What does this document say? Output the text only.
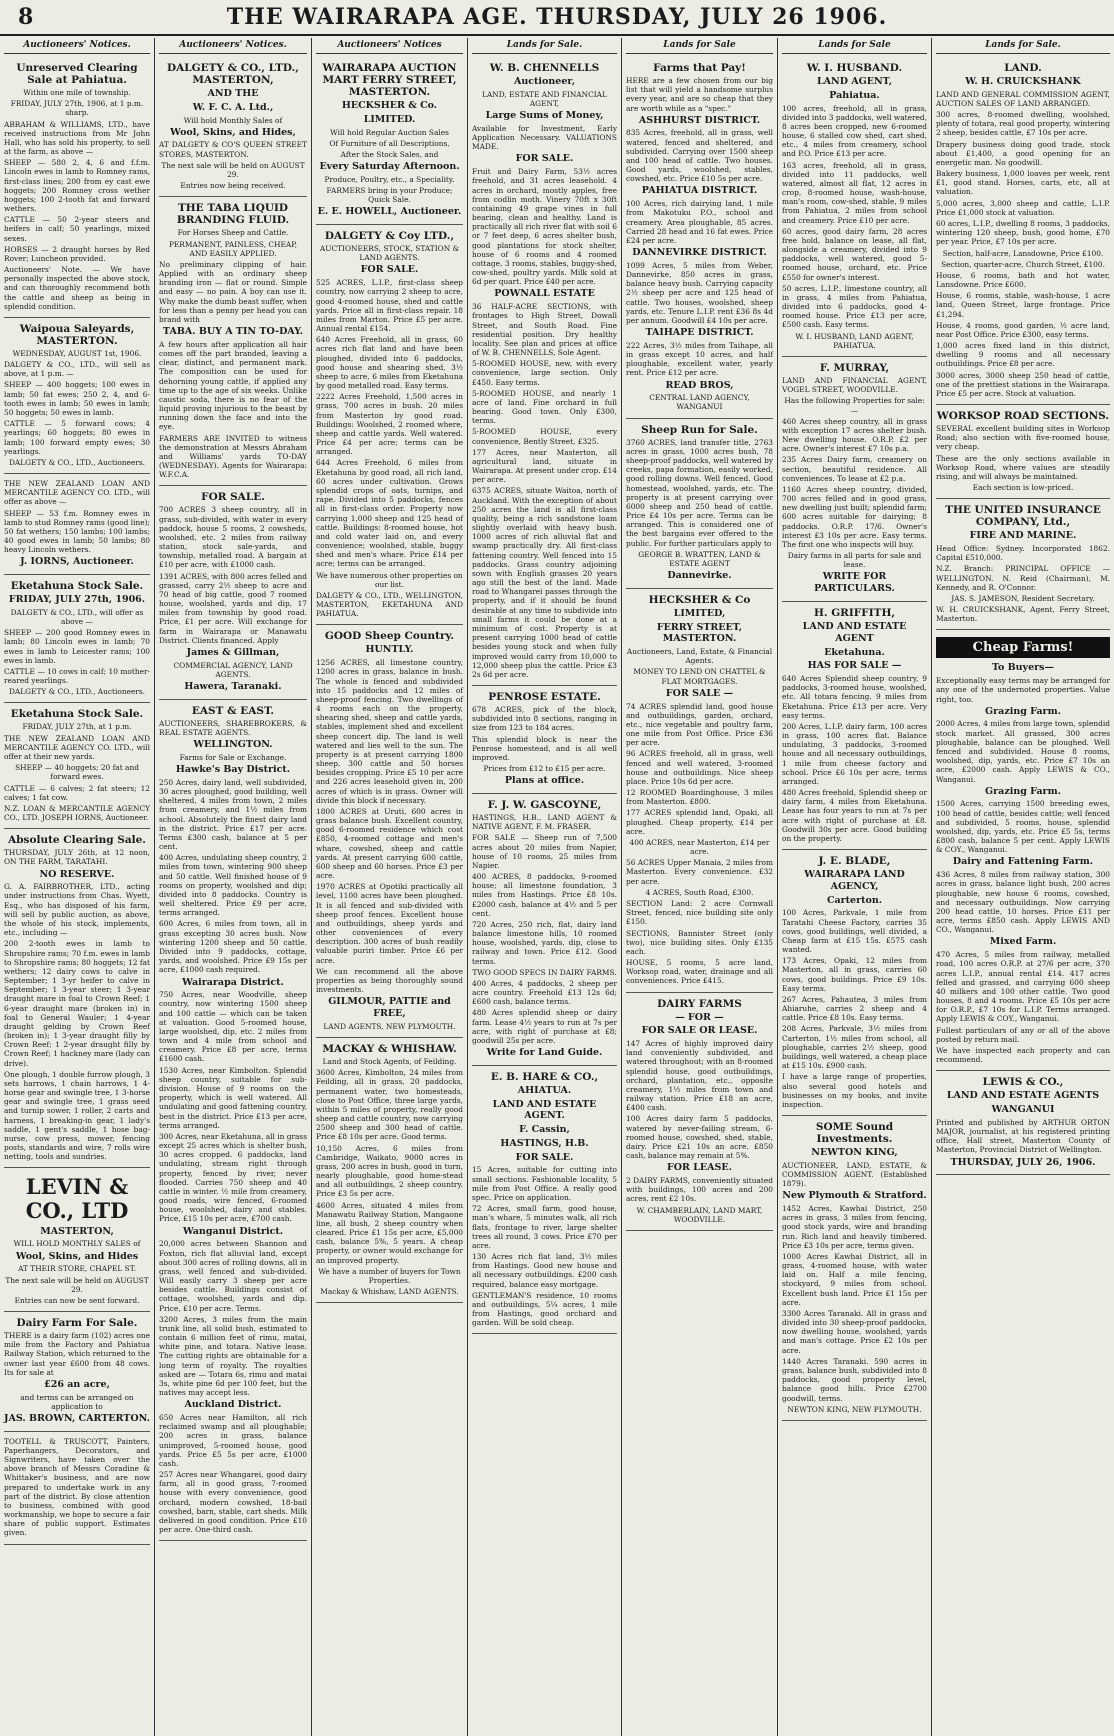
8	THE WAIRARAPA AGE. THURSDAY, JULY 26 1906.
Auctioneers' Notices.
Unreserved Clearing Sale at Pahiatua.

Within one mile of township.

FRIDAY, JULY 27th, 1906, at 1 p.m. sharp.

ABRAHAM & WILLIAMS, LTD., have received instructions from Mr John Hall, who has sold his property, to sell at the farm, as above —

SHEEP — 580 2, 4, 6 and f.f.m. Lincoln ewes in lamb to Romney rams, first-class lines; 200 from ey cast ewe hoggets; 200 Romney cross wether hoggets; 100 2-tooth fat and forward wethers.

CATTLE — 50 2-year steers and heifers in calf; 50 yearlings, mixed sexes.

HORSES — 2 draught horses by Red Rover; Luncheon provided.

Auctioneers' Note. — We have personally inspected the above stock, and can thoroughly recommend both the cattle and sheep as being in splendid condition.

Waipoua Saleyards, MASTERTON.

WEDNESDAY, AUGUST 1st, 1906.

DALGETY & CO., LTD., will sell as above, at 1 p.m. —

SHEEP — 400 hoggets; 100 ewes in lamb; 50 fat ewes; 250 2, 4, and 6-tooth ewes in lamb; 50 ewes in lamb; 50 hoggets; 50 ewes in lamb.

CATTLE — 5 forward cows; 4 yearlings; 60 hoggets; 80 ewes in lamb; 100 forward empty ewes; 30 yearlings.

DALGETY & CO., LTD., Auctioneers.

THE NEW ZEALAND LOAN AND MERCANTILE AGENCY CO. LTD., will offer as above —

SHEEP — 53 f.m. Romney ewes in lamb to stud Romney rams (good line); 50 fat wethers; 150 lambs; 100 lambs; 40 good ewes in lamb; 50 lambs; 80 heavy Lincoln wethers.

J. IORNS, Auctioneer.

Eketahuna Stock Sale.

FRIDAY, JULY 27th, 1906.

DALGETY & CO., LTD., will offer as above —

SHEEP — 200 good Romney ewes in lamb; 80 Lincoln ewes in lamb; 70 ewes in lamb to Leicester rams; 100 ewes in lamb.

CATTLE — 10 cows in calf; 10 mother-reared yearlings.

DALGETY & CO., LTD., Auctioneers.

Eketahuna Stock Sale.

FRIDAY, JULY 27th, at 1 p.m.

THE NEW ZEALAND LOAN AND MERCANTILE AGENCY CO. LTD., will offer at their new yards.

SHEEP — 40 hoggets; 20 fat and forward ewes.

CATTLE — 6 calves; 2 fat steers; 12 calves; 1 fat cow.

N.Z. LOAN & MERCANTILE AGENCY CO., LTD. JOSEPH IORNS, Auctioneer.

Absolute Clearing Sale.

THURSDAY, JULY 26th, at 12 noon, ON THE FARM, TARATAHI.

NO RESERVE.

G. A. FAIRBROTHER, LTD., acting under instructions from Chas. Wyett, Esq., who has disposed of his farm, will sell by public auction, as above, the whole of his stock, implements, etc., including —

200 2-tooth ewes in lamb to Shropshire rams; 70 f.m. ewes in lamb to Shropshire rams; 80 hoggets; 12 fat wethers; 12 dairy cows to calve in September; 1 3-yr heifer to calve in September; 1 3-year steer; 1 3-year draught mare in foal to Crown Reef; 1 6-year draught mare (broken in) in foal to General Wauler; 1 4-year draught gelding by Crown Reef (broken in); 1 3-year draught filly by Crown Reef; 1 2-year draught filly by Crown Reef; 1 hackney mare (lady can drive).

One plough, 1 double furrow plough, 3 sets harrows, 1 chain harrows, 1 4-horse gear and swingle tree, 1 3-horse gear and swingle tree, 1 grass seed and turnip sower, 1 roller, 2 carts and harness, 1 breaking-in gear, 1 lady's saddle, 1 gent's saddle, 1 hose bag-nurse, cow press, mower, fencing posts, standards and wire, 7 rolls wire netting, tools and sundries.

LEVIN & CO., LTD

MASTERTON,

WILL HOLD MONTHLY SALES of

Wool, Skins, and Hides

AT THEIR STORE, CHAPEL ST.

The next sale will be held on AUGUST 29.

Entries can now be sent forward.

Dairy Farm For Sale.

THERE is a dairy farm (102) acres one mile from the Factory and Pahiatua Railway Station, which returned to the owner last year £600 from 48 cows. Its for sale at

£26 an acre,

and terms can be arranged on application to

JAS. BROWN, CARTERTON.

TOOTELL & TRUSCOTT, Painters, Paperhangers, Decorators, and Signwriters, have taken over the above branch of Messrs Coradine & Whittaker's business, and are now prepared to undertake work in any part of the district. By close attention to business, combined with good workmanship, we hope to secure a fair share of public support. Estimates given.

Auctioneers' Notices.
DALGETY & CO., LTD., MASTERTON,

AND THE

W. F. C. A. Ltd.,

Will hold Monthly Sales of

Wool, Skins, and Hides,

AT DALGETY & CO'S QUEEN STREET STORES, MASTERTON.

The next sale will be held on AUGUST 29.

Entries now being received.

THE TABA LIQUID BRANDING FLUID.

For Horses Sheep and Cattle.

PERMANENT, PAINLESS, CHEAP, AND EASILY APPLIED.

No preliminary clipping of hair. Applied with an ordinary sheep branding iron — flat or round. Simple and easy — no pain. A boy can use it. Why make the dumb beast suffer, when for less than a penny per head you can brand with

TABA. BUY A TIN TO-DAY.

A few hours after application all hair comes off the part branded, leaving a clear, distinct, and permanent mark. The composition can be used for dehorning young cattle, if applied any time up to the age of six weeks. Unlike caustic soda, there is no fear of the liquid proving injurious to the beast by running down the face and into the eye.

FARMERS ARE INVITED to witness the demonstration at Messrs Abraham and Williams' yards TO-DAY (WEDNESDAY). Agents for Wairarapa: W.F.C.A.

FOR SALE.

700 ACRES 3 sheep country, all in grass, sub-divided, with water in every paddock, house 5 rooms, 2 cowsheds, woolshed, etc. 2 miles from railway station, stock sale-yards, and township, metalled road. A bargain at £10 per acre, with £1000 cash.

1391 ACRES, with 800 acres felled and grassed, carry 2½ sheep to acre and 70 head of big cattle, good 7 roomed house, woolshed, yards and dip, 17 miles from township by good road. Price, £1 per acre. Will exchange for farm in Wairarapa or Manawatu District. Clients financed. Apply

James & Gillman,

COMMERCIAL AGENCY, LAND AGENTS.

Hawera, Taranaki.

EAST & EAST.

AUCTIONEERS, SHAREBROKERS, & REAL ESTATE AGENTS.

WELLINGTON.

Farms for Sale or Exchange.

Hawke's Bay District.

250 Acres, dairy land, well subdivided, 30 acres ploughed, good building, well sheltered, 4 miles from town, 2 miles from creamery, and 1½ miles from school. Absolutely the finest dairy land in the district. Price £17 per acre. Terms £300 cash, balance at 5 per cent.

400 Acres, undulating sheep country, 2 miles from town, wintering 900 sheep and 50 cattle. Well finished house of 9 rooms on property, woolshed and dip; divided into 8 paddocks. Country is well sheltered. Price £9 per acre, terms arranged.

600 Acres, 6 miles from town, all in grass excepting 30 acres bush. Now wintering 1200 sheep and 50 cattle. Divided into 9 paddocks, cottage, yards, and woolshed. Price £9 15s per acre, £1000 cash required.

Wairarapa District.

750 Acres, near Woodville, sheep country, now wintering 1500 sheep and 100 cattle — which can be taken at valuation. Good 5-roomed house, large woolshed, dip, etc. 2 miles from town and 4 mile from school and creamery. Price £8 per acre, terms £1600 cash.

1530 Acres, near Kimbolton. Splendid sheep country, suitable for sub-division. House of 9 rooms on the property, which is well watered. All undulating and good fattening country, best in the district. Price £13 per acre, terms arranged.

300 Acres, near Eketahuna, all in grass except 25 acres which is shelter bush, 30 acres cropped. 6 paddocks, land undulating, stream right through property, fenced by river, never flooded. Carries 750 sheep and 40 cattle in winter. ½ mile from creamery, good roads, wire fenced, 6-roomed house, woolshed, dairy and stables. Price, £15 10s per acre, £700 cash.

Wanganui District.

20,000 acres between Shannon and Foxton, rich flat alluvial land, except about 300 acres of rolling downs, all in grass, well fenced and sub-divided. Will easily carry 3 sheep per acre besides cattle. Buildings consist of cottage, woolshed, yards and dip. Price, £10 per acre. Terms.

3200 Acres, 3 miles from the main trunk line, all solid bush, estimated to contain 6 million feet of rimu, matai, white pine, and totara. Native lease. The cutting rights are obtainable for a long term of royalty. The royalties asked are — Totara 6s, rimu and matai 3s, white pine 6d per 100 feet, but the natives may accept less.

Auckland District.

650 Acres near Hamilton, all rich reclaimed swamp and all ploughable; 200 acres in grass, balance unimproved, 5-roomed house, good yards. Price £5 5s per acre, £1000 cash.

257 Acres near Whangarei, good dairy farm, all in good grass, 7-roomed house with every convenience, good orchard, modern cowshed, 18-bail cowshed, barn, stable, cart sheds. Milk delivered in good condition. Price £10 per acre. One-third cash.

Auctioneers' Notices
WAIRARAPA AUCTION MART FERRY STREET, MASTERTON.

HECKSHER & Co.

LIMITED.

Will hold Regular Auction Sales

Of Furniture of all Descriptions,

After the Stock Sales, and

Every Saturday Afternoon.

Produce, Poultry, etc., a Speciality.

FARMERS bring in your Produce; Quick Sale.

E. E. HOWELL, Auctioneer.

DALGETY & Coy LTD.,

AUCTIONEERS, STOCK, STATION & LAND AGENTS.

FOR SALE.

525 ACRES, L.I.P., first-class sheep country, now carrying 2 sheep to acre, good 4-roomed house, shed and cattle yards. Price all in first-class repair. 18 miles from Marton. Price £5 per acre. Annual rental £154.

640 Acres Freehold, all in grass, 60 acres rich flat land and have been ploughed, divided into 6 paddocks, good house and shearing shed, 3½ sheep to acre, 6 miles from Eketahuna by good metalled road. Easy terms.

2222 Acres Freehold, 1,500 acres in grass, 700 acres in bush. 20 miles from Masterton by good road. Buildings: Woolshed, 2 roomed where, sheep and cattle yards. Well watered. Price £4 per acre; terms can be arranged.

644 Acres Freehold, 6 miles from Eketahuna by good road, all rich land, 60 acres under cultivation. Grows splendid crops of oats, turnips, and rape. Divided into 5 paddocks, fences all in first-class order. Property now carrying 1,000 sheep and 125 head of cattle. Buildings: 8-roomed house, hot and cold water laid on, and every convenience; woolshed, stable, buggy shed and men's whare. Price £14 per acre; terms can be arranged.

We have numerous other properties on our list.

DALGETY & CO., LTD., WELLINGTON, MASTERTON, EKETAHUNA AND PAHIATUA.

GOOD Sheep Country.

HUNTLY.

1256 ACRES, all limestone country, 1200 acres in grass, balance in bush. The whole is fenced and subdivided into 15 paddocks and 12 miles of sheep-proof fencing. Two dwellings of 4 rooms each on the property, shearing shed, sheep and cattle yards, stables, implement shed and excellent sheep concert dip. The land is well watered and lies well to the sun. The property is at present carrying 1800 sheep, 300 cattle and 50 horses besides cropping. Price £5 10 per acre and 226 acres leasehold given in, 200 acres of which is in grass. Owner will divide this block if necessary.

1800 ACRES at Uruti, 600 acres in grass balance bush. Excellent country, good 6-roomed residence which cost £850, 4-roomed cottage and men's whare, cowshed, sheep and cattle yards. At present carrying 600 cattle, 600 sheep and 60 horses. Price £3 per acre.

1970 ACRES at Opotiki practically all level, 1100 acres have been ploughed. It is all fenced and sub-divided with sheep proof fences. Excellent house and outbuildings, sheep yards and other conveniences of every description. 300 acres of bush readily valuable puriri timber. Price £6 per acre.

We can recommend all the above properties as being thoroughly sound investments.

GILMOUR, PATTIE and FREE,

LAND AGENTS, NEW PLYMOUTH.

MACKAY & WHISHAW.

Land and Stock Agents, of Feilding.

3600 Acres, Kimbolton, 24 miles from Feilding, all in grass, 20 paddocks, permanent water, two homesteads, close to Post Office, three large yards, within 5 miles of property, really good sheep and cattle country, now carrying 2500 sheep and 300 head of cattle. Price £8 10s per acre. Good terms.

10,150 Acres, 6 miles from Cambridge, Waikato, 9000 acres in grass, 200 acres in bush, good in turn, nearly ploughable, good home-stead and all outbuildings, 2 sheep country. Price £3 5s per acre.

4600 Acres, situated 4 miles from Manawatu Railway Station, Mangaone line, all bush, 2 sheep country when cleared. Price £1 15s per acre, £5,000 cash, balance 5%, 5 years. A cheap property, or owner would exchange for an improved property.

We have a number of buyers for Town Properties.

Mackay & Whishaw, LAND AGENTS.

Lands for Sale.
W. B. CHENNELLS

Auctioneer,

LAND, ESTATE AND FINANCIAL AGENT,

Large Sums of Money,

Available for Investment, Early Application Necessary. VALUATIONS MADE.

FOR SALE.

Fruit and Dairy Farm, 53½ acres freehold, and 31 acres leasehold. 4 acres in orchard, mostly apples, free from codlin moth. Vinery 70ft x 30ft containing 49 grape vines in full bearing, clean and healthy. Land is practically all rich river flat with soil 6 or 7 feet deep, 6 acres shelter bush, good plantations for stock shelter, house of 6 rooms and 4 roomed cottage, 3 rooms, stables, buggy-shed, cow-shed, poultry yards. Milk sold at 6d per quart. Price £40 per acre.

POWNALL ESTATE

36 HALF-ACRE SECTIONS, with frontages to High Street, Dowall Street, and South Road. Fine residential position. Dry healthy locality. See plan and prices at office of W. B. CHENNELLS, Sole Agent.

5-ROOMED HOUSE, new, with every convenience, large section. Only £450. Easy terms.

5-ROOMED HOUSE, and nearly 1 acre of land. Fine orchard in full bearing. Good town. Only £300, terms.

5-ROOMED HOUSE, every convenience, Bently Street, £325.

177 Acres, near Masterton, all agricultural land, situate in Wairarapa. At present under crop. £14 per acre.

6375 ACRES, situate Waitoa, north of Auckland. With the exception of about 250 acres the land is all first-class quality, being a rich sandstone loam slightly overlaid with heavy bush. 1000 acres of rich alluvial flat and swamp practically dry. All first-class fattening country. Well fenced into 15 paddocks. Grass country adjoining sown with English grasses 20 years ago still the best of the land. Made road to Whangarei passes through the property, and if it should be found desirable at any time to subdivide into small farms it could be done at a minimum of cost. Property is at present carrying 1000 head of cattle besides young stock and when fully improved would carry from 10,000 to 12,000 sheep plus the cattle. Price £3 2s 6d per acre.

PENROSE ESTATE.

678 ACRES, pick of the block, subdivided into 8 sections, ranging in size from 123 to 184 acres.

This splendid block is near the Penrose homestead, and is all well improved.

Prices from £12 to £15 per acre.

Plans at office.

F. J. W. GASCOYNE,

HASTINGS, H.B., LAND AGENT & NATIVE AGENT, F. M. FRASER.

FOR SALE — Sheep run of 7,500 acres about 20 miles from Napier, house of 10 rooms, 25 miles from Napier.

400 ACRES, 8 paddocks, 9-roomed house; all limestone foundation, 3 miles from Hastings. Price £8 10s. £2000 cash, balance at 4½ and 5 per cent.

720 Acres, 250 rich, flat, dairy land balance limestone hills, 10 roomed house, woolshed, yards, dip, close to railway and town. Price £12. Good terms.

TWO GOOD SPECS IN DAIRY FARMS.

400 Acres, 4 paddocks, 2 sheep per acre country. Freehold £13 12s 6d; £600 cash, balance terms.

480 Acres splendid sheep or dairy farm. Lease 4½ years to run at 7s per acre, with right of purchase at £8; goodwill 25s per acre.

Write for Land Guide.

E. B. HARE & CO.,

AHIATUA.

LAND AND ESTATE AGENT.

F. Cassin,

HASTINGS, H.B.

FOR SALE.

15 Acres, suitable for cutting into small sections. Fashionable locality, 5 mile from Post Office. A really good spec. Price on application.

72 Acres, small farm, good house, man's whare, 5 minutes walk, all rich flats, frontage to river, large shelter trees all round, 3 cows. Price £70 per acre.

130 Acres rich flat land, 3½ miles from Hastings. Good new house and all necessary outbuildings. £200 cash required, balance easy mortgage.

GENTLEMAN'S residence, 10 rooms and outbuildings, 5¼ acres, 1 mile from Hastings, good orchard and garden. Will be sold cheap.

Lands for Sale
Farms that Pay!

HERE are a few chosen from our big list that will yield a handsome surplus every year, and are so cheap that they are worth while as a "spec."

ASHHURST DISTRICT.

835 Acres, freehold, all in grass, well watered, fenced and sheltered, and subdivided. Carrying over 1500 sheep and 100 head of cattle. Two houses. Good yards, woolshed, stables, cowshed, etc. Price £10 5s per acre.

PAHIATUA DISTRICT.

100 Acres, rich dairying land, 1 mile from Makotuku P.O., school and creamery. Area ploughable, 85 acres. Carried 28 head and 16 fat ewes. Price £24 per acre.

DANNEVIRKE DISTRICT.

1099 Acres, 5 miles from Weber, Dannevirke, 850 acres in grass, balance heavy bush. Carrying capacity 2½ sheep per acre and 125 head of cattle. Two houses, woolshed, sheep yards, etc. Tenure L.I.P. rent £36 8s 4d per annum. Goodwill £4 10s per acre.

TAIHAPE DISTRICT.

222 Acres, 3½ miles from Taihape, all in grass except 10 acres, and half ploughable, excellent water, yearly rent. Price £12 per acre.

READ BROS,

CENTRAL LAND AGENCY, WANGANUI

Sheep Run for Sale.

3760 ACRES, land transfer title, 2763 acres in grass, 1000 acres bush, 78 sheep-proof paddocks, well watered by creeks, papa formation, easily worked, good rolling downs. Well fenced. Good homestead, woolshed, yards, etc. The property is at present carrying over 6000 sheep and 250 head of cattle. Price £4 10s per acre. Terms can be arranged. This is considered one of the best bargains ever offered to the public. For further particulars apply to

GEORGE B. WRATTEN, LAND & ESTATE AGENT

Dannevirke.

HECKSHER & Co

LIMITED,

FERRY STREET, MASTERTON.

Auctioneers, Land, Estate, & Financial Agents.

MONEY TO LEND ON CHATTEL & FLAT MORTGAGES.

FOR SALE —

74 ACRES splendid land, good house and outbuildings, garden, orchard, etc., nice vegetable and poultry farm, one mile from Post Office. Price £36 per acre.

96 ACRES freehold, all in grass, well fenced and well watered, 3-roomed house and outbuildings. Nice sheep place. Price 10s 6d per acre.

12 ROOMED Boardinghouse, 3 miles from Masterton. £800.

177 ACRES splendid land, Opaki, all ploughed. Cheap property, £14 per acre.

400 ACRES, near Masterton, £14 per acre.

56 ACRES Upper Manaia, 2 miles from Masterton. Every convenience. £32 per acre.

4 ACRES, South Road, £300.

SECTION Land: 2 acre Cornwall Street, fenced, nice building site only £150.

SECTIONS, Bannister Street (only two), nice building sites. Only £135 each.

HOUSE, 5 rooms, 5 acre land, Worksop road, water, drainage and all conveniences. Price £415.

DAIRY FARMS

— FOR —

FOR SALE OR LEASE.

147 Acres of highly improved dairy land conveniently subdivided, and watered throughout; with an 8-roomed splendid house, good outbuildings, orchard, plantation, etc., opposite creamery, 1½ miles from town and railway station. Price £18 an acre, £400 cash.

100 Acres dairy farm 5 paddocks, watered by never-failing stream, 6-roomed house, cowshed, shed, stable, dairy. Price £21 10s an acre. £850 cash, balance may remain at 5%.

FOR LEASE.

2 DAIRY FARMS, conveniently situated with buildings, 100 acres and 200 acres, rent £2 10s.

W. CHAMBERLAIN, LAND MART, WOODVILLE.

Lands for Sale
W. I. HUSBAND.

LAND AGENT,

Pahiatua.

100 acres, freehold, all in grass, divided into 3 paddocks, well watered, 8 acres been cropped, new 6-roomed house, 6 stalled cow shed, cart shed, etc., 4 miles from creamery, school and P.O. Price £13 per acre.

163 acres, freehold, all in grass, divided into 11 paddocks, well watered, almost all flat, 12 acres in crop, 8-roomed house, wash-house, man's room, cow-shed, stable, 9 miles from Pahiatua, 2 miles from school and creamery. Price £10 per acre.

60 acres, good dairy farm, 28 acres free hold, balance on lease, all flat, alongside a creamery, divided into 9 paddocks, well watered, good 5-roomed house, orchard, etc. Price £550 for owner's interest.

50 acres, L.I.P., limestone country, all in grass, 4 miles from Pahiatua, divided into 6 paddocks, good 4-roomed house. Price £13 per acre, £500 cash. Easy terms.

W. I. HUSBAND, LAND AGENT, PAHIATUA.

F. MURRAY,

LAND AND FINANCIAL AGENT, VOGEL STREET, WOODVILLE.

Has the following Properties for sale:—

460 Acres sheep country, all in grass with exception 17 acres shelter bush. New dwelling house. O.R.P. £2 per acre. Owner's interest £7 10s p.a.

235 Acres Dairy farm, creamery on section, beautiful residence. All conveniences. To lease at £2 p.a.

1160 Acres sheep country, divided, 700 acres felled and in good grass, new dwelling just built; splendid farm; 600 acres suitable for dairying; 8 paddocks. O.R.P. 17/6. Owner's interest £3 10s per acre. Easy terms. The first one who inspects will buy.

Dairy farms in all parts for sale and lease.

WRITE FOR PARTICULARS.

H. GRIFFITH,

LAND AND ESTATE AGENT

Eketahuna.

HAS FOR SALE —

640 Acres Splendid sheep country, 9 paddocks, 3-roomed house, woolshed, etc. All totara fencing. 9 miles from Eketahuna. Price £13 per acre. Very easy terms.

200 Acres, L.I.P. dairy farm, 100 acres in grass, 100 acres flat. Balance undulating, 3 paddocks, 3-roomed house and all necessary outbuildings, 1 mile from cheese factory and school. Price £6 10s per acre, terms arranged.

480 Acres freehold, Splendid sheep or dairy farm, 4 miles from Eketahuna. Lease has four years to run at 7s per acre with right of purchase at £8. Goodwill 30s per acre. Good building on the property.

J. E. BLADE,

WAIRARAPA LAND AGENCY,

Carterton.

100 Acres, Parkvale, 1 mile from Taratahi Cheese Factory, carries 35 cows, good buildings, well divided, a Cheap farm at £15 15s. £575 cash wanted.

173 Acres, Opaki, 12 miles from Masterton, all in grass, carries 60 cows, good buildings. Price £9 10s. Easy terms.

267 Acres, Pahautea, 3 miles from Ahiaruhe, carries 2 sheep and 4 cattle. Price £8 10s. Easy terms.

208 Acres, Parkvale, 3½ miles from Carterton, 1½ miles from school, all ploughable, carries 2½ sheep, good buildings, well watered, a cheap place at £15 10s. £900 cash.

I have a large range of properties, also several good hotels and businesses on my books, and invite inspection.

SOME Sound Investments.

NEWTON KING,

AUCTIONEER, LAND, ESTATE, & COMMISSION AGENT. (Established 1879).

New Plymouth & Stratford.

1452 Acres, Kawhai District, 250 acres in grass, 3 miles from fencing, good stock yards, wire and branding run. Rich land and heavily timbered. Price £3 10s per acre, terms given.

1000 Acres Kawhai District, all in grass, 4-roomed house, with water laid on. Half a mile fencing, stockyard, 9 miles from school. Excellent bush land. Price £1 15s per acre.

3300 Acres Taranaki. All in grass and divided into 30 sheep-proof paddocks, now dwelling house, woolshed, yards and man's cottage. Price £2 10s per acre.

1440 Acres Taranaki. 590 acres in grass, balance bush, subdivided into 8 paddocks, good property level, balance good hills. Price £2700 goodwill, terms.

NEWTON KING, NEW PLYMOUTH.

Lands for Sale.
LAND.

W. H. CRUICKSHANK

LAND AND GENERAL COMMISSION AGENT, AUCTION SALES OF LAND ARRANGED.

300 acres, 8-roomed dwelling, woolshed, plenty of totara, real good property, wintering 2 sheep, besides cattle, £7 10s per acre.

Drapery business doing good trade, stock about £1,400, a good opening for an energetic man. No goodwill.

Bakery business, 1,000 loaves per week, rent £1, good stand. Horses, carts, etc, all at valuation.

5,000 acres, 3,000 sheep and cattle, L.I.P. Price £1,000 stock at valuation.

60 acres, L.I.P., dwelling 8 rooms, 3 paddocks, wintering 120 sheep, bush, good home, £70 per year. Price, £7 10s per acre.

Section, half-acre, Lansdowne, Price £100.

Section, quarter-acre, Church Street, £100.

House, 6 rooms, bath and hot water, Lansdowne. Price £600.

House, 6 rooms, stable, wash-house, 1 acre land, Queen Street, large frontage. Price £1,294.

House, 4 rooms, good garden, ½ acre land, near Post Office. Price £300, easy terms.

1,000 acres fixed land in this district, dwelling 9 rooms and all necessary outbuildings. Price £8 per acre.

3000 acres, 3000 sheep 250 head of cattle, one of the prettiest stations in the Wairarapa. Price £5 per acre. Stock at valuation.

WORKSOP ROAD SECTIONS.

SEVERAL excellent building sites in Worksop Road; also section with five-roomed house, very cheap.

These are the only sections available in Worksop Road, where values are steadily rising, and will always be maintained.

Each section is low-priced.

THE UNITED INSURANCE COMPANY, Ltd.,

FIRE AND MARINE.

Head Office: Sydney. Incorporated 1862. Capital £510,000.

N.Z. Branch: PRINCIPAL OFFICE — WELLINGTON. N. Reid (Chairman), M. Kennedy, and R. O'Connor.

JAS. S. JAMESON, Resident Secretary.

W. H. CRUICKSHANK, Agent, Ferry Street, Masterton.

Cheap Farms!

To Buyers—

Exceptionally easy terms may be arranged for any one of the undernoted properties. Value right, too.

Grazing Farm.

2000 Acres, 4 miles from large town, splendid stock market. All grassed, 300 acres ploughable, balance can be ploughed. Well fenced and subdivided. House 8 rooms, woolshed, dip, yards, etc. Price £7 10s an acre, £2000 cash. Apply LEWIS & CO., Wanganui.

Grazing Farm.

1500 Acres, carrying 1500 breeding ewes, 100 head of cattle, besides cattle; well fenced and subdivided, 5 rooms, house, splendid woolshed, dip, yards, etc. Price £5 5s, terms £800 cash, balance 5 per cent. Apply LEWIS & COY., Wanganui.

Dairy and Fattening Farm.

436 Acres, 8 miles from railway station, 300 acres in grass, balance light bush, 200 acres ploughable, new house 6 rooms, cowshed, and necessary outbuildings. Now carrying 200 head cattle, 10 horses. Price £11 per acre, terms £850 cash. Apply LEWIS AND CO., Wanganui.

Mixed Farm.

470 Acres, 5 miles from railway, metalled road, 100 acres O.R.P. at 27/6 per acre, 370 acres L.I.P., annual rental £14. 417 acres felled and grassed, and carrying 600 sheep 40 milkers and 100 other cattle. Two good houses, 8 and 4 rooms. Price £5 10s per acre for O.R.P., £7 10s for L.I.P. Terms arranged. Apply LEWIS & COY., Wanganui.

Fullest particulars of any or all of the above posted by return mail.

We have inspected each property and can recommend.

LEWIS & CO.,

LAND AND ESTATE AGENTS

WANGANUI

Printed and published by ARTHUR ORTON MAJOR, journalist, at his registered printing office, Hall street, Masterton County of Masterton, Provincial District of Wellington.

THURSDAY, JULY 26, 1906.
